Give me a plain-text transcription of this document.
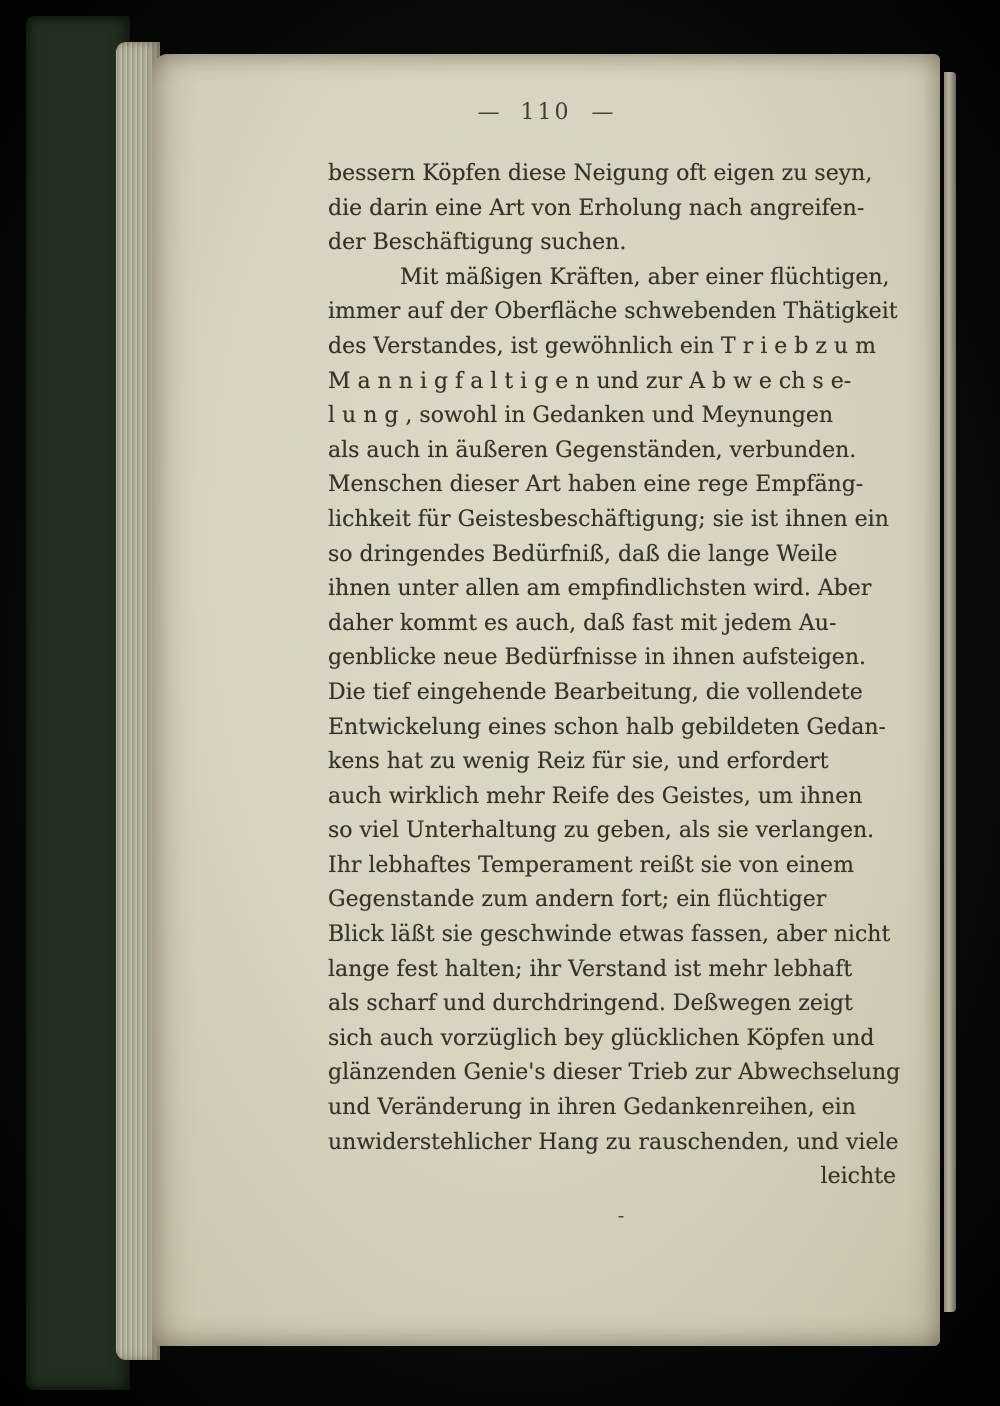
— 110 —
bessern Köpfen diese Neigung oft eigen zu seyn,
die darin eine Art von Erholung nach angreifen-
der Beschäftigung suchen.
Mit mäßigen Kräften, aber einer flüchtigen,
immer auf der Oberfläche schwebenden Thätigkeit
des Verstandes, ist gewöhnlich ein T r i e b z u m
M a n n i g f a l t i g e n und zur A b w e ch s e-
l u n g , sowohl in Gedanken und Meynungen
als auch in äußeren Gegenständen, verbunden.
Menschen dieser Art haben eine rege Empfäng-
lichkeit für Geistesbeschäftigung; sie ist ihnen ein
so dringendes Bedürfniß, daß die lange Weile
ihnen unter allen am empfindlichsten wird. Aber
daher kommt es auch, daß fast mit jedem Au-
genblicke neue Bedürfnisse in ihnen aufsteigen.
Die tief eingehende Bearbeitung, die vollendete
Entwickelung eines schon halb gebildeten Gedan-
kens hat zu wenig Reiz für sie, und erfordert
auch wirklich mehr Reife des Geistes, um ihnen
so viel Unterhaltung zu geben, als sie verlangen.
Ihr lebhaftes Temperament reißt sie von einem
Gegenstande zum andern fort; ein flüchtiger
Blick läßt sie geschwinde etwas fassen, aber nicht
lange fest halten; ihr Verstand ist mehr lebhaft
als scharf und durchdringend. Deßwegen zeigt
sich auch vorzüglich bey glücklichen Köpfen und
glänzenden Genie's dieser Trieb zur Abwechselung
und Veränderung in ihren Gedankenreihen, ein
unwiderstehlicher Hang zu rauschenden, und viele
leichte
-
